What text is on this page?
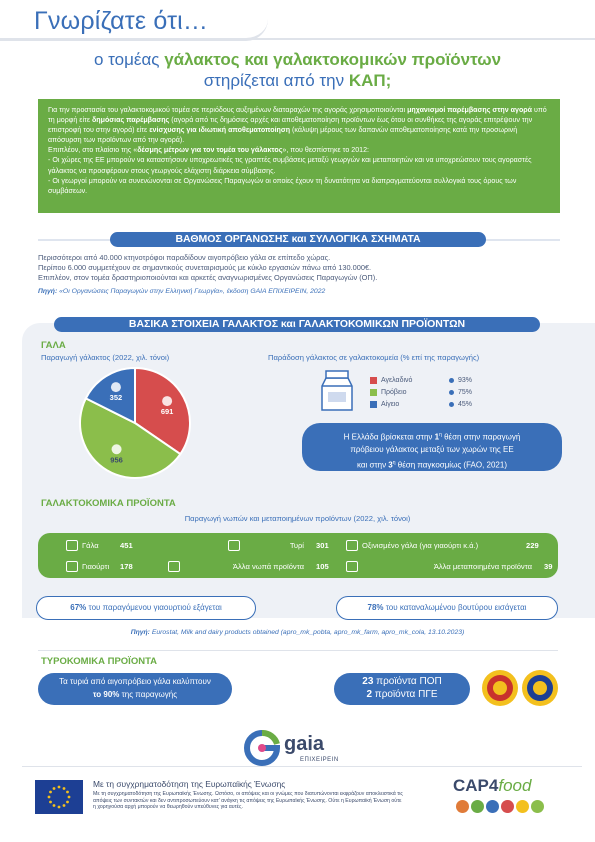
Γνωρίζατε ότι…
ο τομέας γάλακτος και γαλακτοκομικών προϊόντων
στηρίζεται από την ΚΑΠ;

Για την προστασία του γαλακτοκομικού τομέα σε περιόδους αυξημένων διαταραχών της αγοράς χρησιμοποιούνται μηχανισμοί παρέμβασης στην αγορά υπό τη μορφή είτε δημόσιας παρέμβασης (αγορά από τις δημόσιες αρχές και αποθεματοποίηση προϊόντων έως ότου οι συνθήκες της αγοράς επιτρέψουν την επιστροφή του στην αγορά) είτε ενίσχυσης για ιδιωτική αποθεματοποίηση (κάλυψη μέρους των δαπανών αποθεματοποίησης κατά την προσωρινή απόσυρση των προϊόντων από την αγορά).

Επιπλέον, στο πλαίσιο της «δέσμης μέτρων για τον τομέα του γάλακτος», που θεσπίστηκε το 2012:

- Οι χώρες της ΕΕ μπορούν να καταστήσουν υποχρεωτικές τις γραπτές συμβάσεις μεταξύ γεωργών και μεταποιητών και να υποχρεώσουν τους αγοραστές γάλακτος να προσφέρουν στους γεωργούς ελάχιστη διάρκεια σύμβασης.

- Οι γεωργοί μπορούν να συνενώνονται σε Οργανώσεις Παραγωγών οι οποίες έχουν τη δυνατότητα να διαπραγματεύονται συλλογικά τους όρους των συμβάσεων.

ΒΑΘΜΟΣ ΟΡΓΑΝΩΣΗΣ και ΣΥΛΛΟΓΙΚΑ ΣΧΗΜΑΤΑ
Περισσότεροι από 40.000 κτηνοτρόφοι παραδίδουν αιγοπρόβειο γάλα σε επίπεδο χώρας.
Περίπου 6.000 συμμετέχουν σε σημαντικούς συνεταιρισμούς με κύκλο εργασιών πάνω από 130.000€.
Επιπλέον, στον τομέα δραστηριοποιούνται και αρκετές αναγνωρισμένες Οργανώσεις Παραγωγών (ΟΠ).
Πηγή: «Οι Οργανώσεις Παραγωγών στην Ελληνική Γεωργία», έκδοση GAIA ΕΠΙΧΕΙΡΕΙΝ, 2022
ΒΑΣΙΚΑ ΣΤΟΙΧΕΙΑ ΓΑΛΑΚΤΟΣ και ΓΑΛΑΚΤΟΚΟΜΙΚΩΝ ΠΡΟΪΟΝΤΩΝ
ΓΑΛΑ
Παραγωγή γάλακτος (2022, χιλ. τόνοι)	Παράδοση γάλακτος σε γαλακτοκομεία (% επί της παραγωγής)
691
956
352
Αγελαδινό	93%
Πρόβειο	75%
Αίγειο	45%
Η Ελλάδα βρίσκεται στην $1^\eta$ θέση στην παραγωγή
πρόβειου γάλακτος μεταξύ των χωρών της ΕΕ
και στην $3^\eta$ θέση παγκοσμίως (FAO, 2021)
ΓΑΛΑΚΤΟΚΟΜΙΚΑ ΠΡΟΪΟΝΤΑ
Παραγωγή νωπών και μεταποιημένων προϊόντων (2022, χιλ. τόνοι)
Γάλα	451	Τυρί 301	Οξινισμένο γάλα (για γιαούρτι κ.ά.)	229
Γιαούρτι	178	Άλλα νωπά προϊόντα 105	Άλλα μεταποιημένα προϊόντα 39
67% του παραγόμενου γιαουρτιού εξάγεται	78% του καταναλωμένου βουτύρου εισάγεται
Πηγή: Eurostat, Milk and dairy products obtained (apro_mk_pobta, apro_mk_farm, apro_mk_cola, 13.10.2023)
ΤΥΡΟΚΟΜΙΚΑ ΠΡΟΪΟΝΤΑ
Τα τυριά από αιγοπρόβειο γάλα καλύπτουν
το 90% της παραγωγής
23 προϊόντα ΠΟΠ
2 προϊόντα ΠΓΕ
gaia
ΕΠΙΧΕΙΡΕΙΝ
Με τη συγχρηματοδότηση της Ευρωπαϊκής Ένωσης
Με τη συγχρηματοδότηση της Ευρωπαϊκής Ένωσης. Ωστόσο, οι απόψεις και οι γνώμες που διατυπώνονται εκφράζουν αποκλειστικά τις απόψεις των συντακτών και δεν αντιπροσωπεύουν κατ' ανάγκη τις απόψεις της Ευρωπαϊκής Ένωσης. Ούτε η Ευρωπαϊκή Ένωση ούτε η χορηγούσα αρχή μπορούν να θεωρηθούν υπεύθυνες για αυτές.
CAP4food
